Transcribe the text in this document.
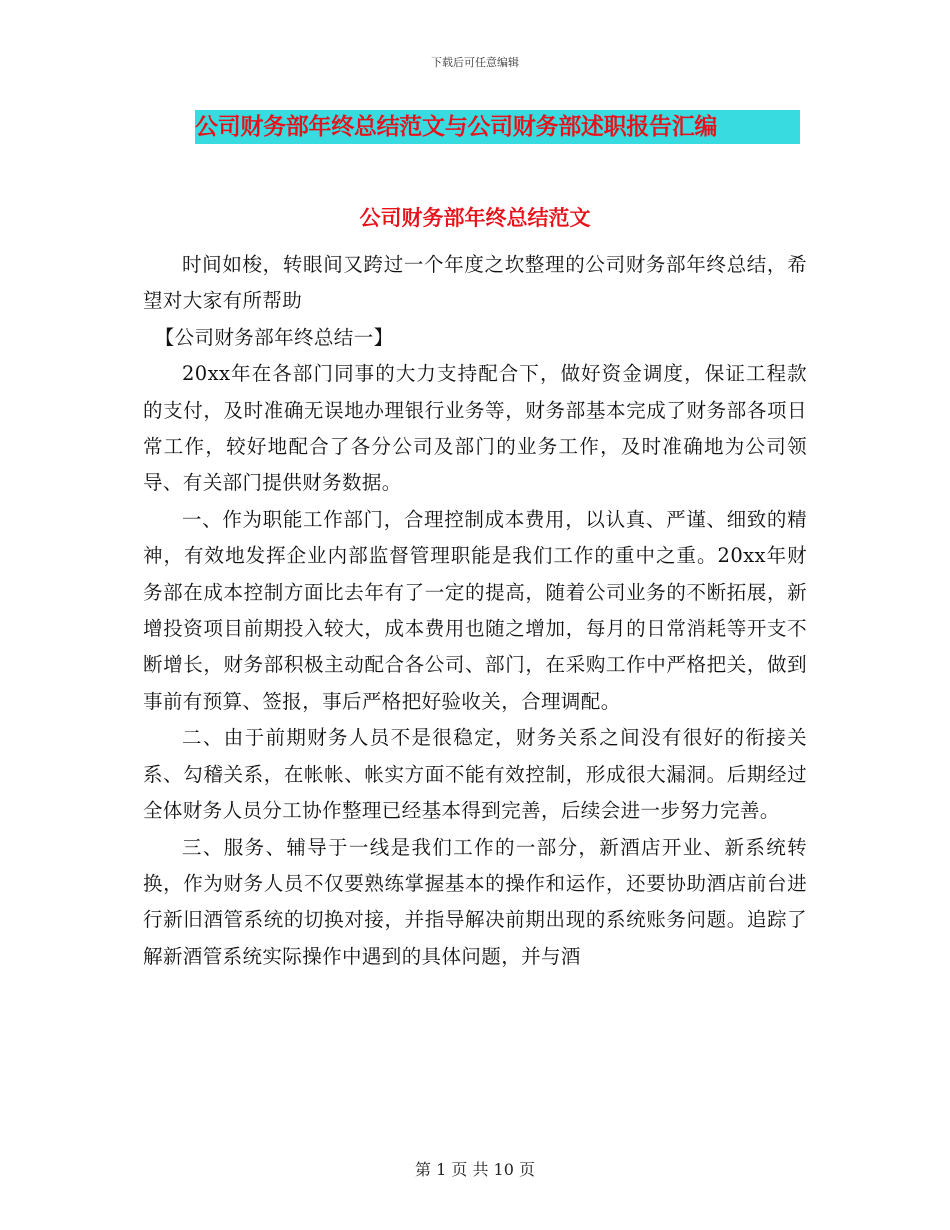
下载后可任意编辑
公司财务部年终总结范文与公司财务部述职报告汇编
公司财务部年终总结范文

时间如梭，转眼间又跨过一个年度之坎整理的公司财务部年终总结，希望对大家有所帮助

【公司财务部年终总结一】

20xx年在各部门同事的大力支持配合下，做好资金调度，保证工程款的支付，及时准确无误地办理银行业务等，财务部基本完成了财务部各项日常工作，较好地配合了各分公司及部门的业务工作，及时准确地为公司领导、有关部门提供财务数据。

一、作为职能工作部门，合理控制成本费用，以认真、严谨、细致的精神，有效地发挥企业内部监督管理职能是我们工作的重中之重。20xx年财务部在成本控制方面比去年有了一定的提高，随着公司业务的不断拓展，新增投资项目前期投入较大，成本费用也随之增加，每月的日常消耗等开支不断增长，财务部积极主动配合各公司、部门，在采购工作中严格把关，做到事前有预算、签报，事后严格把好验收关，合理调配。

二、由于前期财务人员不是很稳定，财务关系之间没有很好的衔接关系、勾稽关系，在帐帐、帐实方面不能有效控制，形成很大漏洞。后期经过全体财务人员分工协作整理已经基本得到完善，后续会进一步努力完善。

三、服务、辅导于一线是我们工作的一部分，新酒店开业、新系统转换，作为财务人员不仅要熟练掌握基本的操作和运作，还要协助酒店前台进行新旧酒管系统的切换对接，并指导解决前期出现的系统账务问题。追踪了解新酒管系统实际操作中遇到的具体问题，并与酒

第 1 页 共 10 页
